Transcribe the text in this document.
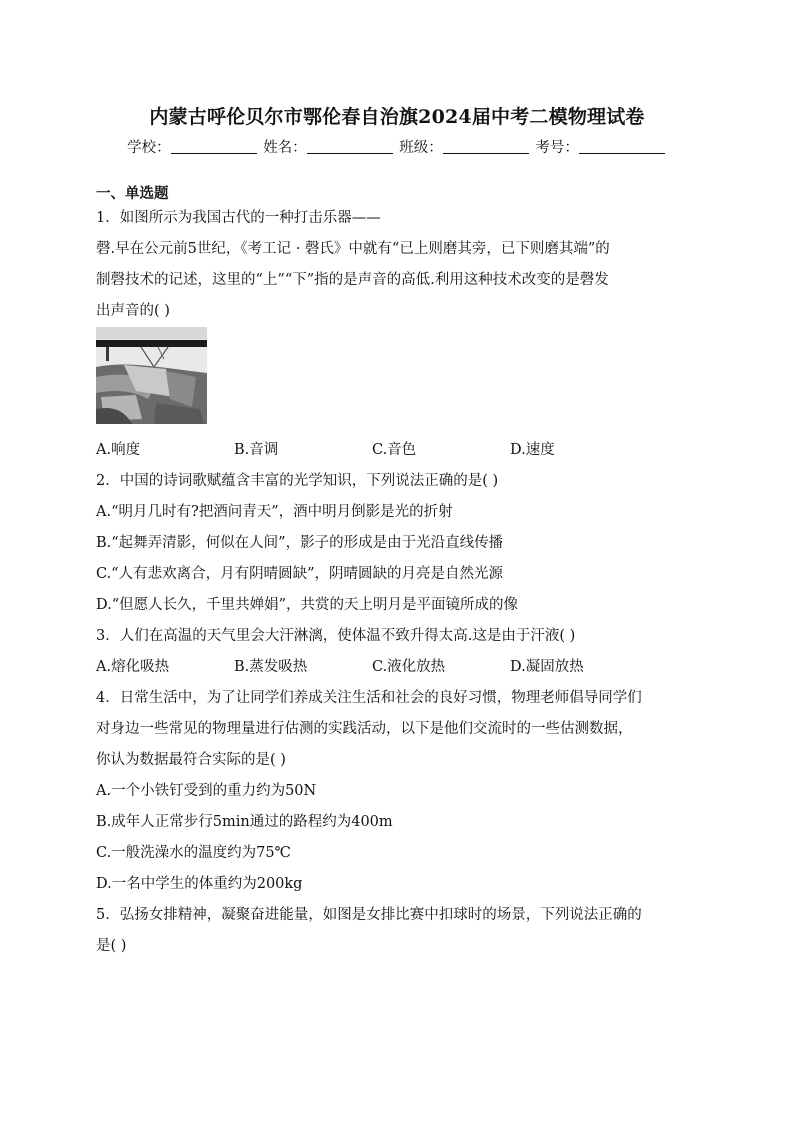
内蒙古呼伦贝尔市鄂伦春自治旗2024届中考二模物理试卷
学校：	姓名：	班级：	考号：
一、单选题
1．如图所示为我国古代的一种打击乐器——
磬.早在公元前5世纪，《考工记 · 磬氏》中就有“已上则磨其旁，已下则磨其端”的
制磬技术的记述，这里的“上”“下”指的是声音的高低.利用这种技术改变的是磬发
出声音的( )
A.响度	B.音调	C.音色	D.速度
2．中国的诗词歌赋蕴含丰富的光学知识，下列说法正确的是( )
A.“明月几时有?把酒问青天”，酒中明月倒影是光的折射
B.“起舞弄清影，何似在人间”，影子的形成是由于光沿直线传播
C.“人有悲欢离合，月有阴晴圆缺”，阴晴圆缺的月亮是自然光源
D.“但愿人长久，千里共婵娟”，共赏的天上明月是平面镜所成的像
3．人们在高温的天气里会大汗淋漓，使体温不致升得太高.这是由于汗液( )
A.熔化吸热	B.蒸发吸热	C.液化放热	D.凝固放热
4．日常生活中，为了让同学们养成关注生活和社会的良好习惯，物理老师倡导同学们
对身边一些常见的物理量进行估测的实践活动，以下是他们交流时的一些估测数据，
你认为数据最符合实际的是( )
A.一个小铁钉受到的重力约为50N
B.成年人正常步行5min通过的路程约为400m
C.一般洗澡水的温度约为75℃
D.一名中学生的体重约为200kg
5．弘扬女排精神，凝聚奋进能量，如图是女排比赛中扣球时的场景，下列说法正确的
是( )
